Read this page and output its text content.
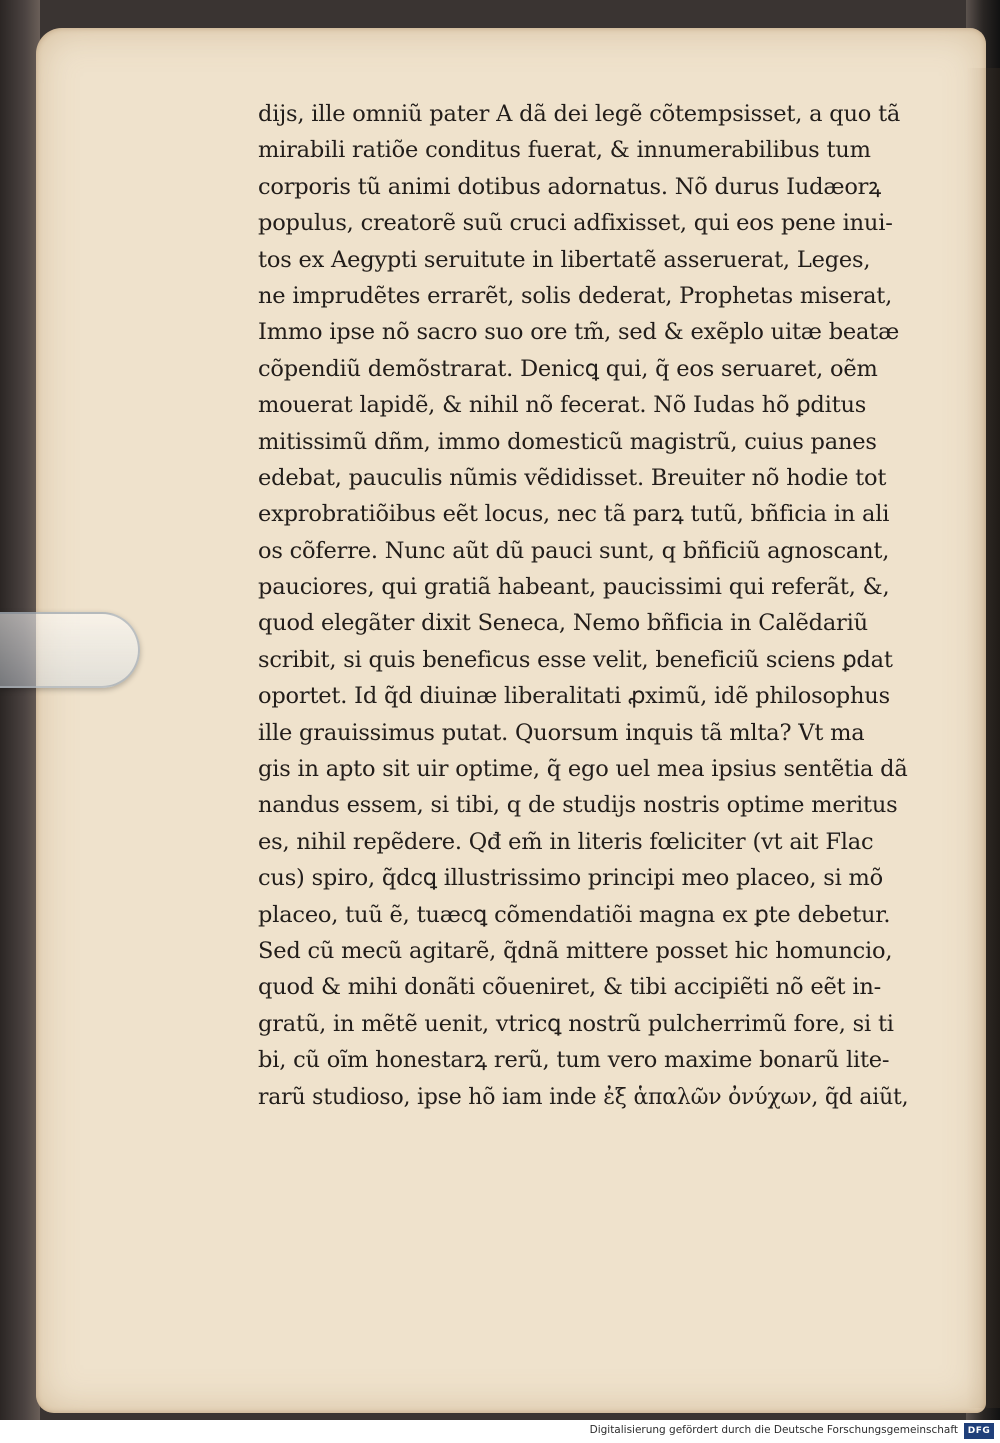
dijs, ille omniũ pater A dã dei legẽ cõtempsisset, a quo tã
mirabili ratiõe conditus fuerat, & innumerabilibus tum
corporis tũ animi dotibus adornatus. Nõ durus Iudæorꝝ
populus, creatorẽ suũ cruci adfixisset, qui eos pene inui-
tos ex Aegypti seruitute in libertatẽ asseruerat, Leges,
ne imprudẽtes errarẽt, solis dederat, Prophetas miserat,
Immo ipse nõ sacro suo ore tm̃, sed & exẽplo uitæ beatæ
cõpendiũ demõstrarat. Denicꝗ qui, q̃ eos seruaret, oẽm
mouerat lapidẽ, & nihil nõ fecerat. Nõ Iudas hõ ꝑditus
mitissimũ dñm, immo domesticũ magistrũ, cuius panes
edebat, pauculis nũmis vẽdidisset. Breuiter nõ hodie tot
exprobratiõibus eẽt locus, nec tã parꝝ tutũ, bñficia in ali
os cõferre. Nunc aũt dũ pauci sunt, q bñficiũ agnoscant,
pauciores, qui gratiã habeant, paucissimi qui referãt, &,
quod elegãter dixit Seneca, Nemo bñficia in Calẽdariũ
scribit, si quis beneficus esse velit, beneficiũ sciens ꝑdat
oportet. Id q̃d diuinæ liberalitati ꝓximũ, idẽ philosophus
ille grauissimus putat. Quorsum inquis tã mlta? Vt ma
gis in apto sit uir optime, q̃ ego uel mea ipsius sentẽtia dã
nandus essem, si tibi, q de studijs nostris optime meritus
es, nihil repẽdere. Qđ em̃ in literis fœliciter (vt ait Flac
cus) spiro, q̃dcꝗ illustrissimo principi meo placeo, si mõ
placeo, tuũ ẽ, tuæcꝗ cõmendatiõi magna ex ꝑte debetur.
Sed cũ mecũ agitarẽ, q̃dnã mittere posset hic homuncio,
quod & mihi donãti cõueniret, & tibi accipiẽti nõ eẽt in-
gratũ, in mẽtẽ uenit, vtricꝗ nostrũ pulcherrimũ fore, si ti
bi, cũ oĩm honestarꝝ rerũ, tum vero maxime bonarũ lite-
rarũ studioso, ipse hõ iam inde ἐξ ἁπαλῶν ὀνύχων, q̃d aiũt,
Digitalisierung gefördert durch die Deutsche Forschungsgemeinschaft	DFG
